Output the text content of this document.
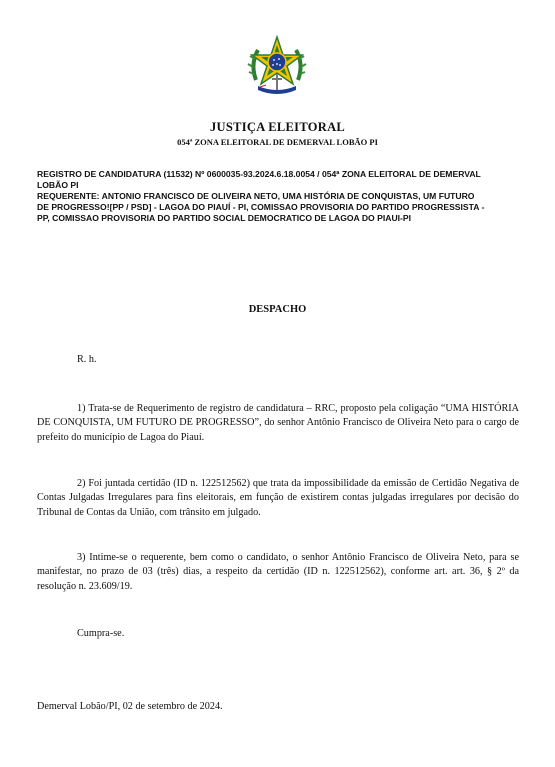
JUSTIÇA ELEITORAL
054ª ZONA ELEITORAL DE DEMERVAL LOBÃO PI
REGISTRO DE CANDIDATURA (11532) Nº 0600035-93.2024.6.18.0054 / 054ª ZONA ELEITORAL DE DEMERVAL
LOBÃO PI
REQUERENTE: ANTONIO FRANCISCO DE OLIVEIRA NETO, UMA HISTÓRIA DE CONQUISTAS, UM FUTURO
DE PROGRESSO![PP / PSD] - LAGOA DO PIAUÍ - PI, COMISSAO PROVISORIA DO PARTIDO PROGRESSISTA -
PP, COMISSAO PROVISORIA DO PARTIDO SOCIAL DEMOCRATICO DE LAGOA DO PIAUI-PI
DESPACHO
R. h.
1) Trata-se de Requerimento de registro de candidatura – RRC, proposto pela coligação “UMA HISTÓRIA DE CONQUISTA, UM FUTURO DE PROGRESSO”, do senhor Antônio Francisco de Oliveira Neto para o cargo de prefeito do município de Lagoa do Piauí.
2) Foi juntada certidão (ID n. 122512562) que trata da impossibilidade da emissão de Certidão Negativa de Contas Julgadas Irregulares para fins eleitorais, em função de existirem contas julgadas irregulares por decisão do Tribunal de Contas da União, com trânsito em julgado.
3) Intime-se o requerente, bem como o candidato, o senhor Antônio Francisco de Oliveira Neto, para se manifestar, no prazo de 03 (três) dias, a respeito da certidão (ID n. 122512562), conforme art. art. 36, § 2º da resolução n. 23.609/19.
Cumpra-se.
Demerval Lobão/PI, 02 de setembro de 2024.
